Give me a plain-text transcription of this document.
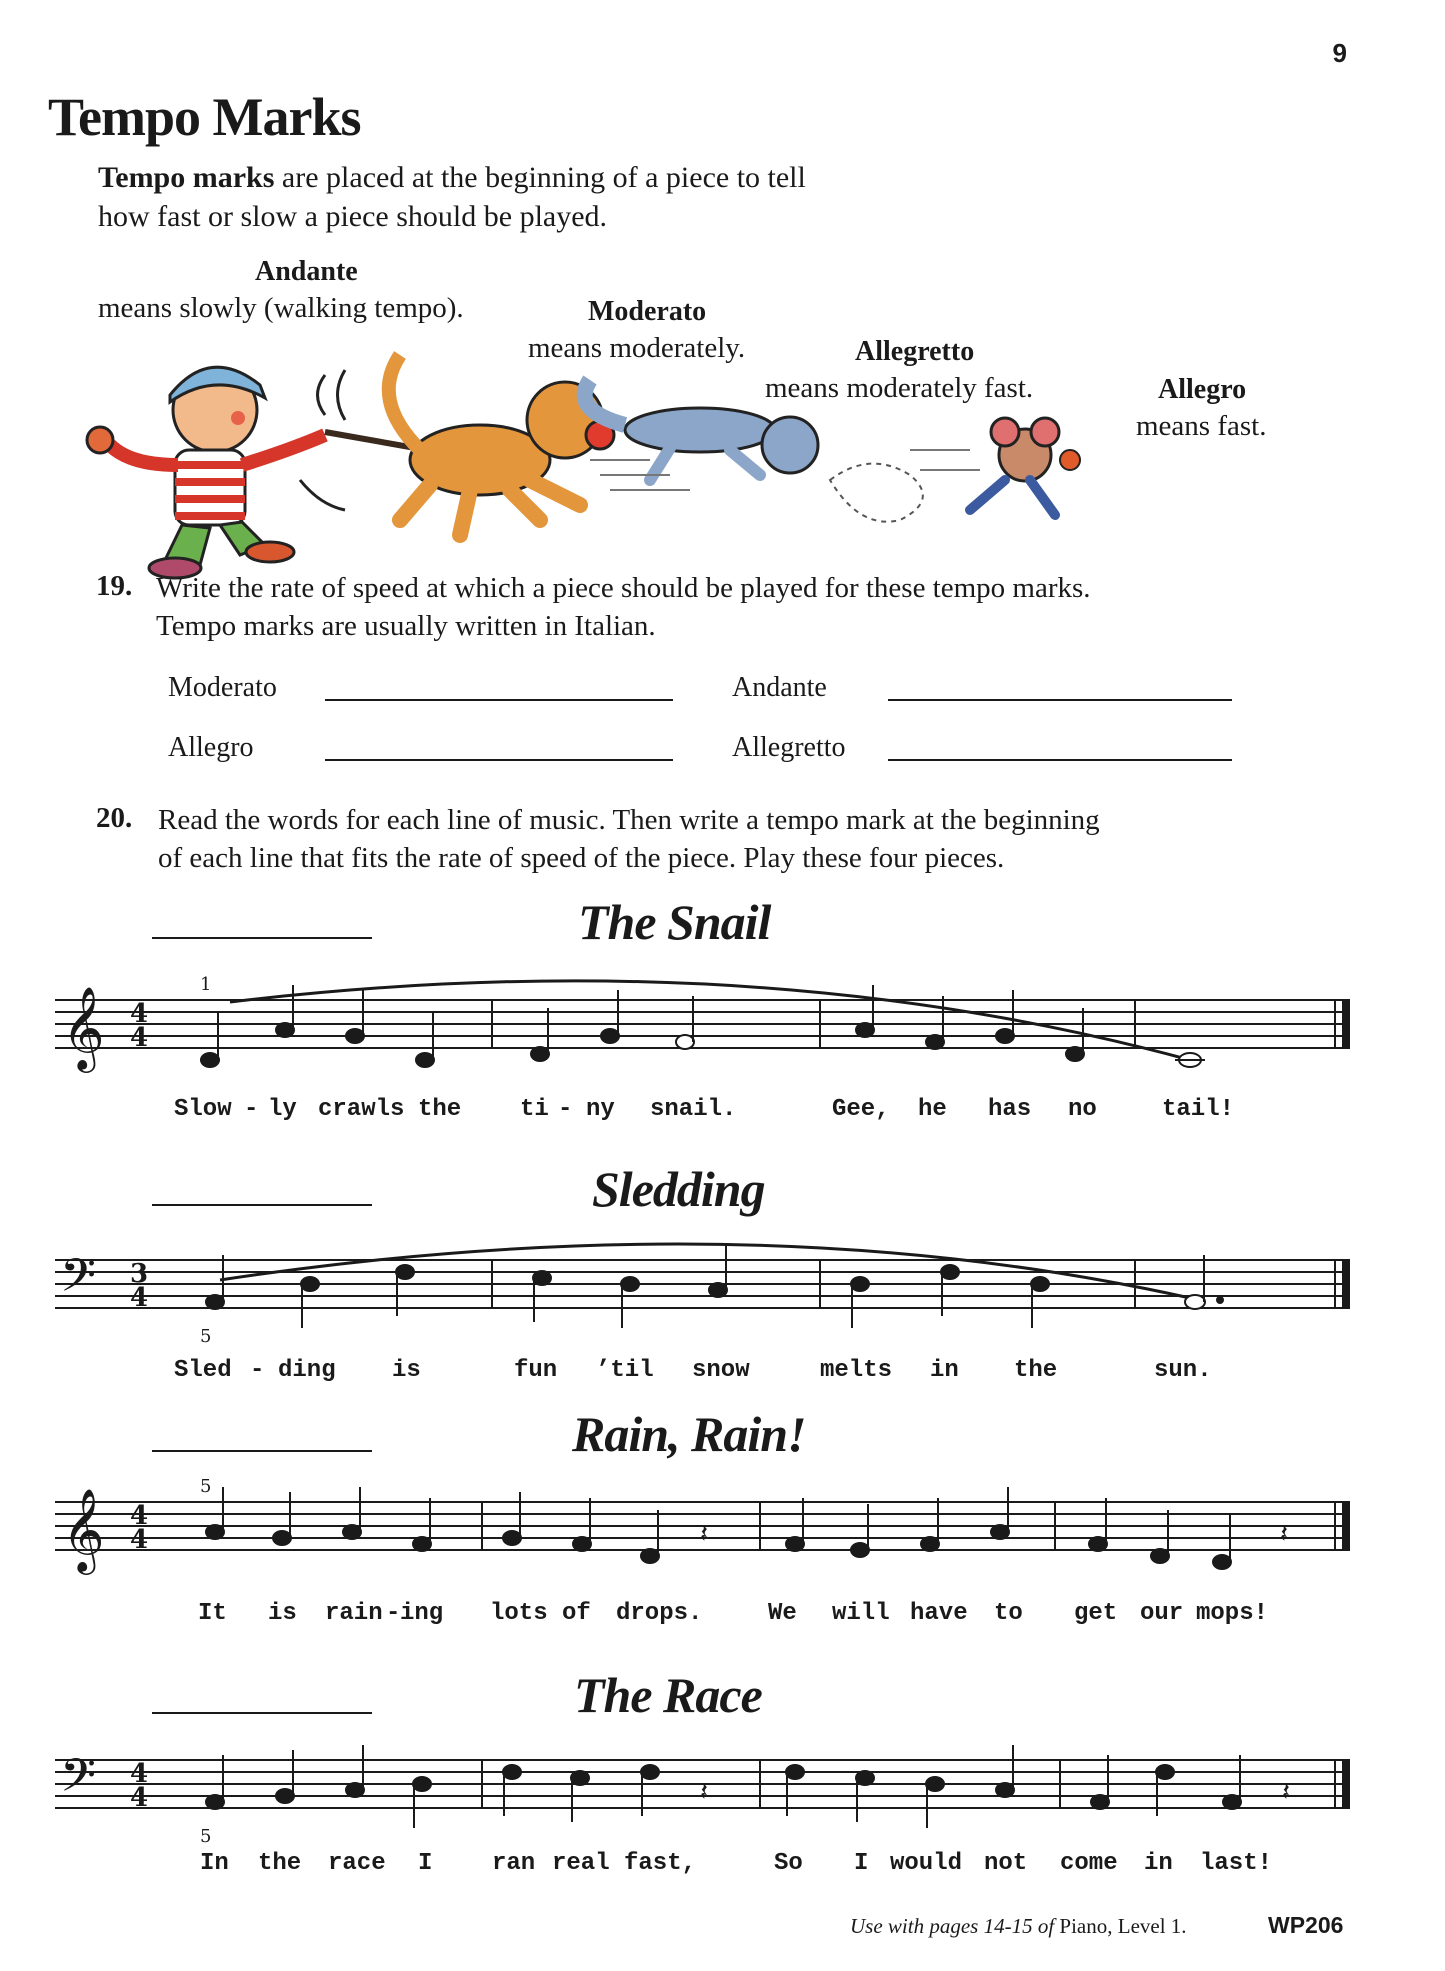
9
Tempo Marks
Tempo marks are placed at the beginning of a piece to tell
how fast or slow a piece should be played.
Andante
means slowly (walking tempo).	Moderato
means moderately.	Allegretto
means moderately fast.	Allegro
means fast.
19. Write the rate of speed at which a piece should be played for these tempo marks.
Tempo marks are usually written in Italian.
Moderato	Andante
Allegro	Allegretto
20. Read the words for each line of music. Then write a tempo mark at the beginning
of each line that fits the rate of speed of the piece. Play these four pieces.
The Snail
𝄞 4
4
1
Slow - ly crawls the ti - ny snail.	Gee, he has no	tail!
Sledding
𝄢 3
4
5
Sled - ding is	fun ’til snow	melts in the	sun.
Rain, Rain!
𝄞 4
4
5
𝄽	𝄽
It is rain - ing lots of drops.	We will have to get our mops!
The Race
𝄢 4
4
5
𝄽	𝄽
In the race I ran real fast,	So I would not come in last!
Use with pages 14-15 of Piano, Level 1.	WP206
